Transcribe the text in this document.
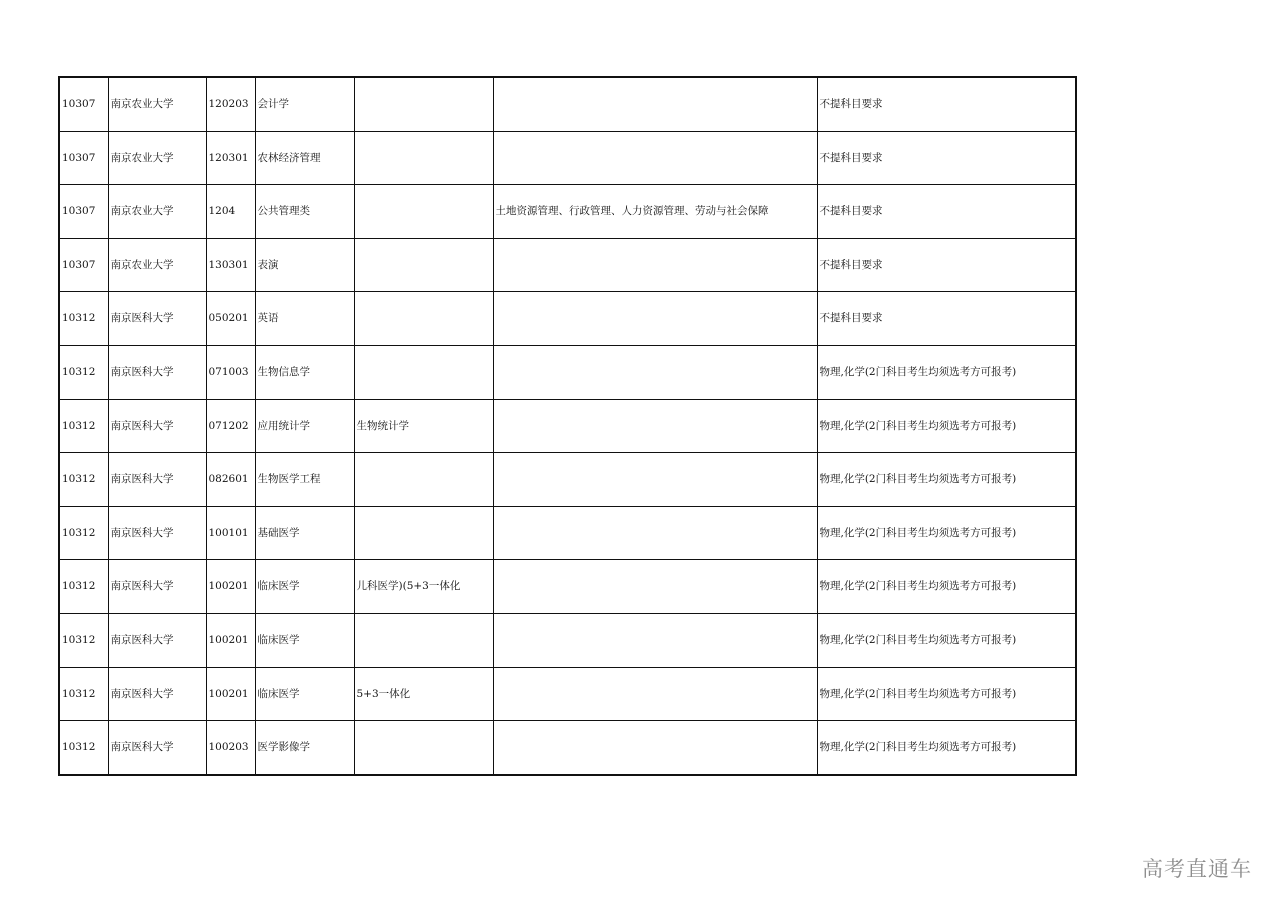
10307	南京农业大学	120203	会计学			不提科目要求
10307	南京农业大学	120301	农林经济管理			不提科目要求
10307	南京农业大学	1204	公共管理类		土地资源管理、行政管理、人力资源管理、劳动与社会保障	不提科目要求
10307	南京农业大学	130301	表演			不提科目要求
10312	南京医科大学	050201	英语			不提科目要求
10312	南京医科大学	071003	生物信息学			物理,化学(2门科目考生均须选考方可报考)
10312	南京医科大学	071202	应用统计学	生物统计学		物理,化学(2门科目考生均须选考方可报考)
10312	南京医科大学	082601	生物医学工程			物理,化学(2门科目考生均须选考方可报考)
10312	南京医科大学	100101	基础医学			物理,化学(2门科目考生均须选考方可报考)
10312	南京医科大学	100201	临床医学	儿科医学)(5+3一体化		物理,化学(2门科目考生均须选考方可报考)
10312	南京医科大学	100201	临床医学			物理,化学(2门科目考生均须选考方可报考)
10312	南京医科大学	100201	临床医学	5+3一体化		物理,化学(2门科目考生均须选考方可报考)
10312	南京医科大学	100203	医学影像学			物理,化学(2门科目考生均须选考方可报考)
高考直通车
